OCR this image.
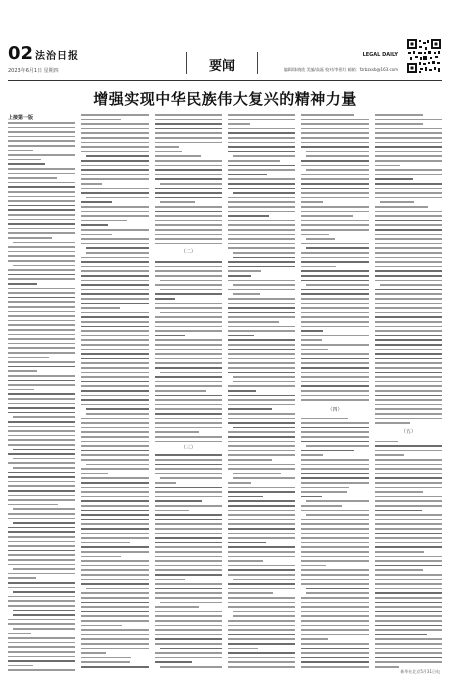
02 法治日报
2023年6月1日 星期四	要闻
LEGAL DAILY
编辑/陈晓欣 美编/高磊 校对/李景红 邮箱：fzrbzxsb@163.com
增强实现中华民族伟大复兴的精神力量
上接第一版
（二）
（三）
（四）
（五）
新华社北京5月31日电
